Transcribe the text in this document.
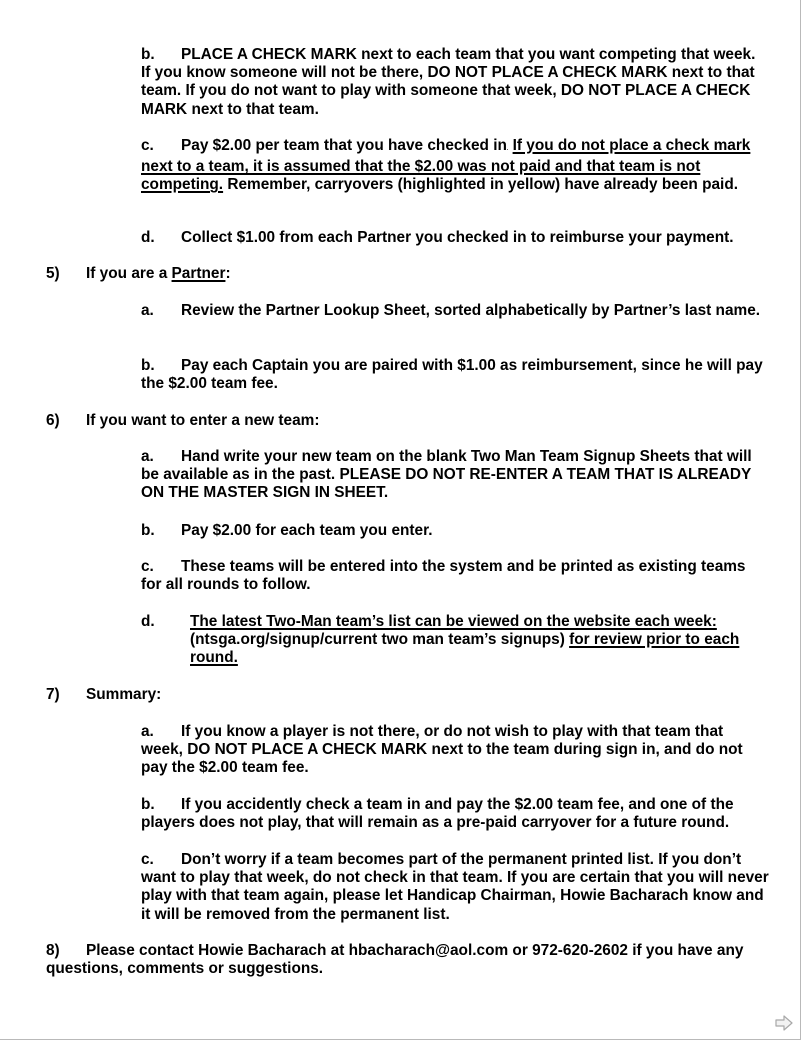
b. PLACE A CHECK MARK next to each team that you want competing that week. If you know someone will not be there, DO NOT PLACE A CHECK MARK next to that team. If you do not want to play with someone that week, DO NOT PLACE A CHECK MARK next to that team.

c. Pay $2.00 per team that you have checked in. If you do not place a check mark next to a team, it is assumed that the $2.00 was not paid and that team is not competing. Remember, carryovers (highlighted in yellow) have already been paid.

d. Collect $1.00 from each Partner you checked in to reimburse your payment.

5) If you are a Partner:

a. Review the Partner Lookup Sheet, sorted alphabetically by Partner’s last name.

b. Pay each Captain you are paired with $1.00 as reimbursement, since he will pay the $2.00 team fee.

6) If you want to enter a new team:

a. Hand write your new team on the blank Two Man Team Signup Sheets that will be available as in the past. PLEASE DO NOT RE-ENTER A TEAM THAT IS ALREADY ON THE MASTER SIGN IN SHEET.

b. Pay $2.00 for each team you enter.

c. These teams will be entered into the system and be printed as existing teams for all rounds to follow.

d. The latest Two-Man team’s list can be viewed on the website each week: (ntsga.org/signup/current two man team’s signups) for review prior to each round.

7) Summary:

a. If you know a player is not there, or do not wish to play with that team that week, DO NOT PLACE A CHECK MARK next to the team during sign in, and do not pay the $2.00 team fee.

b. If you accidently check a team in and pay the $2.00 team fee, and one of the players does not play, that will remain as a pre-paid carryover for a future round.

c. Don’t worry if a team becomes part of the permanent printed list. If you don’t want to play that week, do not check in that team. If you are certain that you will never play with that team again, please let Handicap Chairman, Howie Bacharach know and it will be removed from the permanent list.

8) Please contact Howie Bacharach at hbacharach@aol.com or 972-620-2602 if you have any questions, comments or suggestions.
